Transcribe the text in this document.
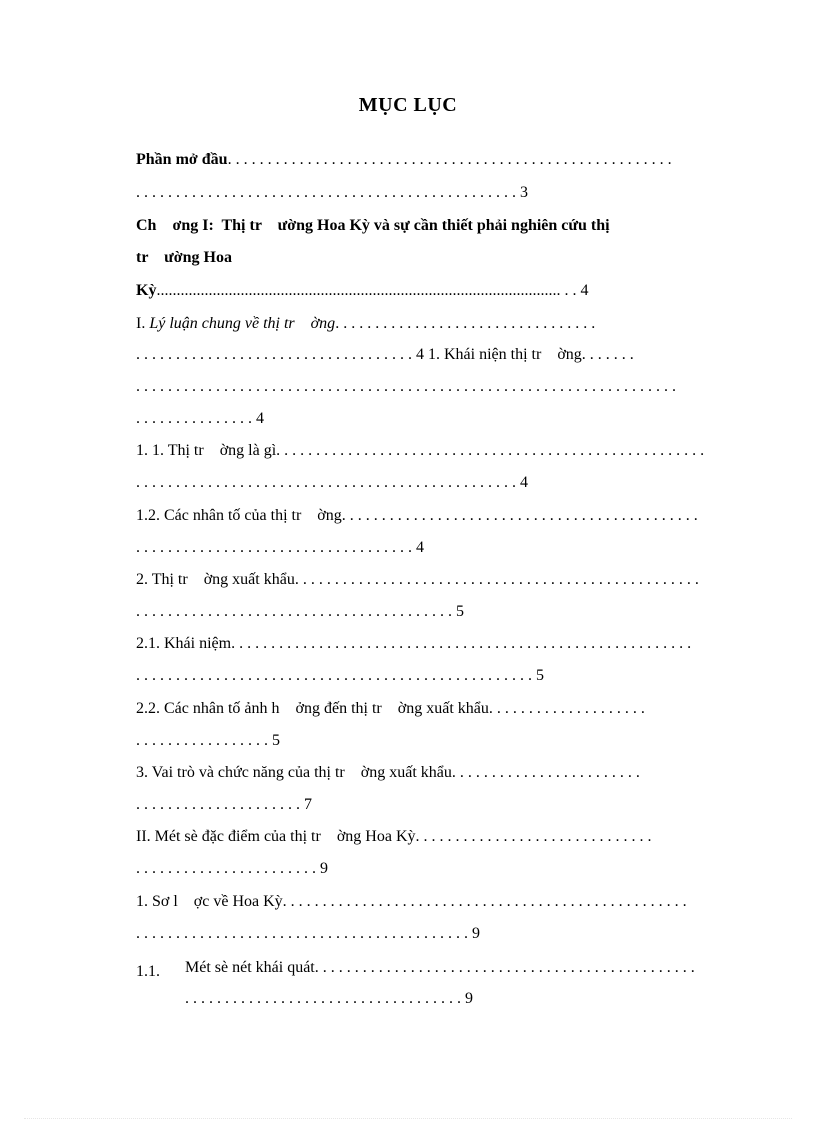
MỤC LỤC
Phần mở đầu. . . . . . . . . . . . . . . . . . . . . . . . . . . . . . . . . . . . . . . . . . . . . . . . . . . . . . . .
. . . . . . . . . . . . . . . . . . . . . . . . . . . . . . . . . . . . . . . . . . . . . . . . 3
Ch    ơng I:  Thị tr    ường Hoa Kỳ và sự cần thiết phải nghiên cứu thị
tr    ường Hoa
Kỳ..................................................................................................... . . 4
I. Lý luận chung về thị tr    ờng. . . . . . . . . . . . . . . . . . . . . . . . . . . . . . . . .
. . . . . . . . . . . . . . . . . . . . . . . . . . . . . . . . . . . 4 1. Khái niện thị tr    ờng. . . . . . .
. . . . . . . . . . . . . . . . . . . . . . . . . . . . . . . . . . . . . . . . . . . . . . . . . . . . . . . . . . . . . . . . . . . .
. . . . . . . . . . . . . . . 4
1. 1. Thị tr    ờng là gì. . . . . . . . . . . . . . . . . . . . . . . . . . . . . . . . . . . . . . . . . . . . . . . . . . . . . .
. . . . . . . . . . . . . . . . . . . . . . . . . . . . . . . . . . . . . . . . . . . . . . . . 4
1.2. Các nhân tố của thị tr    ờng. . . . . . . . . . . . . . . . . . . . . . . . . . . . . . . . . . . . . . . . . . . . .
. . . . . . . . . . . . . . . . . . . . . . . . . . . . . . . . . . . 4
2. Thị tr    ờng xuất khẩu. . . . . . . . . . . . . . . . . . . . . . . . . . . . . . . . . . . . . . . . . . . . . . . . . . .
. . . . . . . . . . . . . . . . . . . . . . . . . . . . . . . . . . . . . . . . 5
2.1. Khái niệm. . . . . . . . . . . . . . . . . . . . . . . . . . . . . . . . . . . . . . . . . . . . . . . . . . . . . . . . . .
. . . . . . . . . . . . . . . . . . . . . . . . . . . . . . . . . . . . . . . . . . . . . . . . . . 5
2.2. Các nhân tố ảnh h    ởng đến thị tr    ờng xuất khẩu. . . . . . . . . . . . . . . . . . . .
. . . . . . . . . . . . . . . . . 5
3. Vai trò và chức năng của thị tr    ờng xuất khẩu. . . . . . . . . . . . . . . . . . . . . . . .
. . . . . . . . . . . . . . . . . . . . . 7
II. Mét sè đặc điểm của thị tr    ờng Hoa Kỳ. . . . . . . . . . . . . . . . . . . . . . . . . . . . . .
. . . . . . . . . . . . . . . . . . . . . . . 9
1. Sơ l    ợc về Hoa Kỳ. . . . . . . . . . . . . . . . . . . . . . . . . . . . . . . . . . . . . . . . . . . . . . . . . . .
. . . . . . . . . . . . . . . . . . . . . . . . . . . . . . . . . . . . . . . . . . 9
1.1. Mét sè nét khái quát. . . . . . . . . . . . . . . . . . . . . . . . . . . . . . . . . . . . . . . . . . . . . . . .
. . . . . . . . . . . . . . . . . . . . . . . . . . . . . . . . . . . 9
